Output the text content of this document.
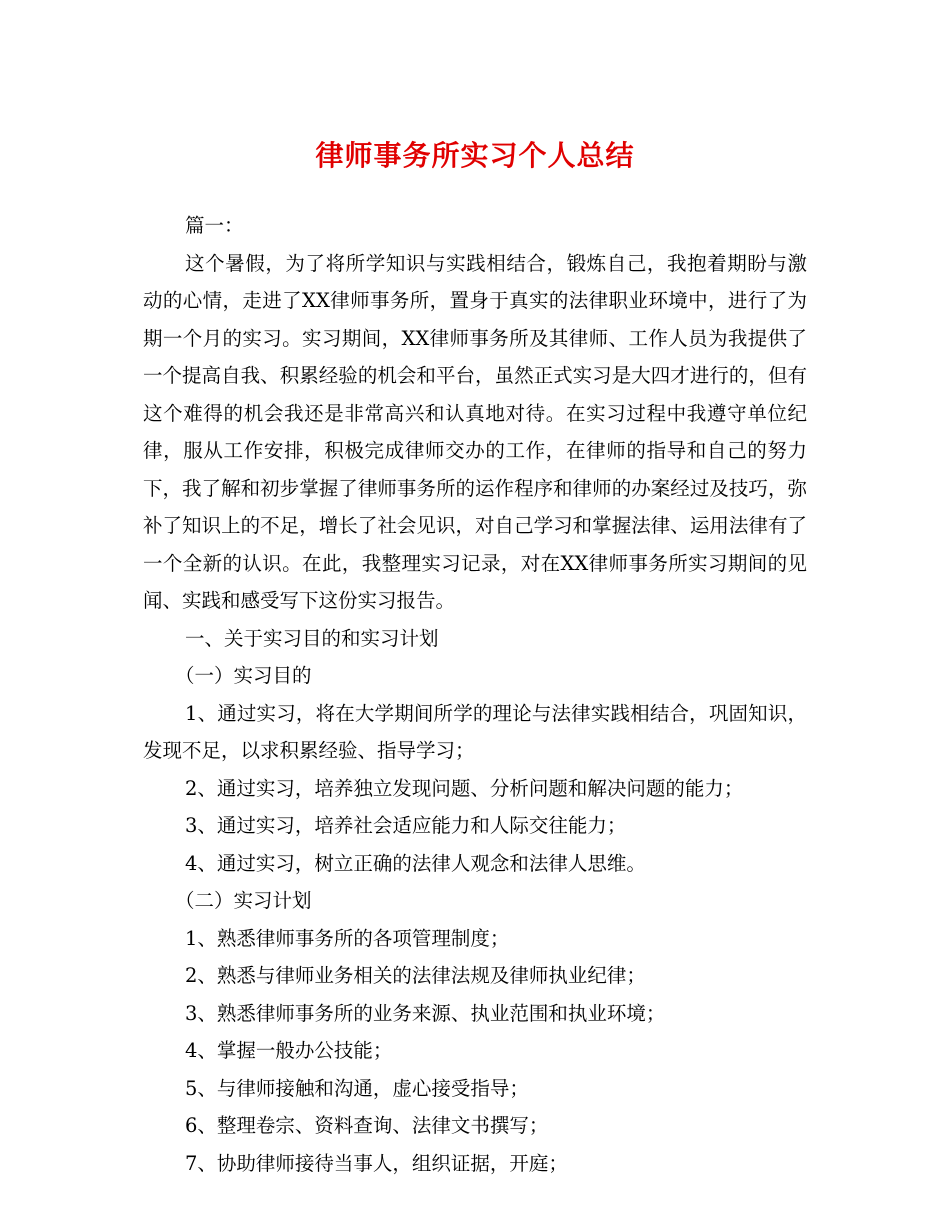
律师事务所实习个人总结

篇一：

这个暑假，为了将所学知识与实践相结合，锻炼自己，我抱着期盼与激动的心情，走进了XX律师事务所，置身于真实的法律职业环境中，进行了为期一个月的实习。实习期间，XX律师事务所及其律师、工作人员为我提供了一个提高自我、积累经验的机会和平台，虽然正式实习是大四才进行的，但有这个难得的机会我还是非常高兴和认真地对待。在实习过程中我遵守单位纪律，服从工作安排，积极完成律师交办的工作，在律师的指导和自己的努力下，我了解和初步掌握了律师事务所的运作程序和律师的办案经过及技巧，弥补了知识上的不足，增长了社会见识，对自己学习和掌握法律、运用法律有了一个全新的认识。在此，我整理实习记录，对在XX律师事务所实习期间的见闻、实践和感受写下这份实习报告。

一、关于实习目的和实习计划

（一）实习目的

1、通过实习，将在大学期间所学的理论与法律实践相结合，巩固知识，发现不足，以求积累经验、指导学习；

2、通过实习，培养独立发现问题、分析问题和解决问题的能力；

3、通过实习，培养社会适应能力和人际交往能力；

4、通过实习，树立正确的法律人观念和法律人思维。

（二）实习计划

1、熟悉律师事务所的各项管理制度；

2、熟悉与律师业务相关的法律法规及律师执业纪律；

3、熟悉律师事务所的业务来源、执业范围和执业环境；

4、掌握一般办公技能；

5、与律师接触和沟通，虚心接受指导；

6、整理卷宗、资料查询、法律文书撰写；

7、协助律师接待当事人，组织证据，开庭；
